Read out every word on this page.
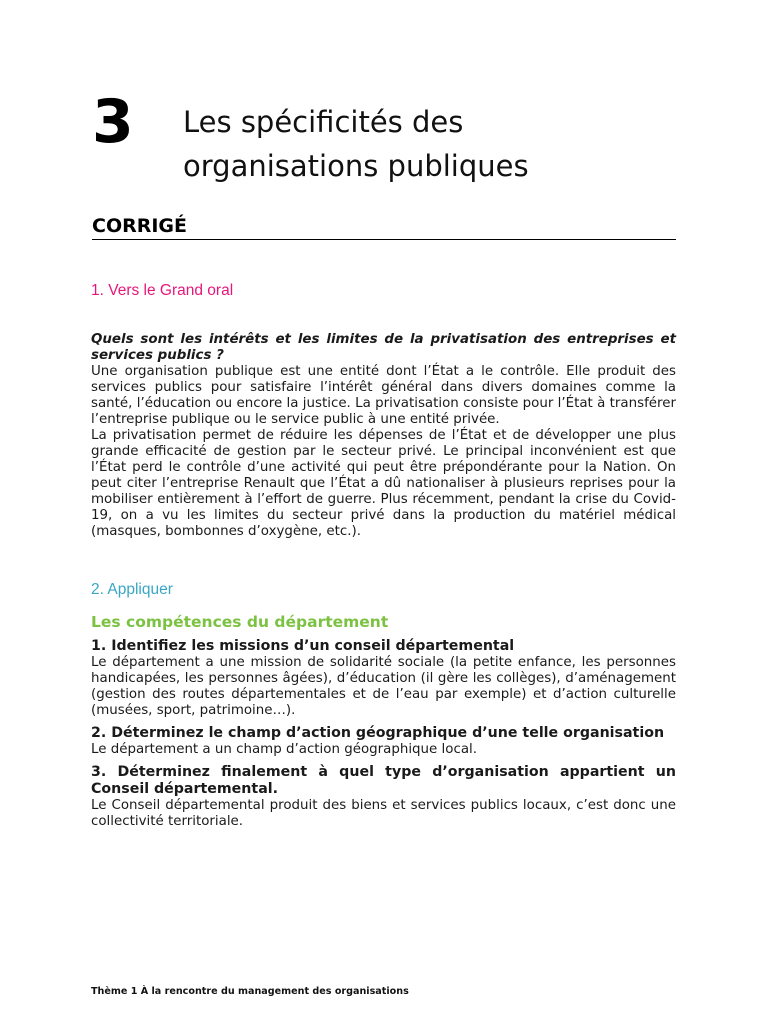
3 Les spécificités des
organisations publiques
CORRIGÉ

1. Vers le Grand oral

Quels sont les intérêts et les limites de la privatisation des entreprises et services publics ?

Une organisation publique est une entité dont l’État a le contrôle. Elle produit des services publics pour satisfaire l’intérêt général dans divers domaines comme la santé, l’éducation ou encore la justice. La privatisation consiste pour l’État à transférer l’entreprise publique ou le service public à une entité privée.

La privatisation permet de réduire les dépenses de l’État et de développer une plus grande efficacité de gestion par le secteur privé. Le principal inconvénient est que l’État perd le contrôle d’une activité qui peut être prépondérante pour la Nation. On peut citer l’entreprise Renault que l’État a dû nationaliser à plusieurs reprises pour la mobiliser entièrement à l’effort de guerre. Plus récemment, pendant la crise du Covid-19, on a vu les limites du secteur privé dans la production du matériel médical (masques, bombonnes d’oxygène, etc.).

2. Appliquer

Les compétences du département

1. Identifiez les missions d’un conseil départemental

Le département a une mission de solidarité sociale (la petite enfance, les personnes handicapées, les personnes âgées), d’éducation (il gère les collèges), d’aménagement (gestion des routes départementales et de l’eau par exemple) et d’action culturelle (musées, sport, patrimoine…).

2. Déterminez le champ d’action géographique d’une telle organisation

Le département a un champ d’action géographique local.

3. Déterminez finalement à quel type d’organisation appartient un Conseil départemental.

Le Conseil départemental produit des biens et services publics locaux, c’est donc une collectivité territoriale.

Thème 1 À la rencontre du management des organisations
